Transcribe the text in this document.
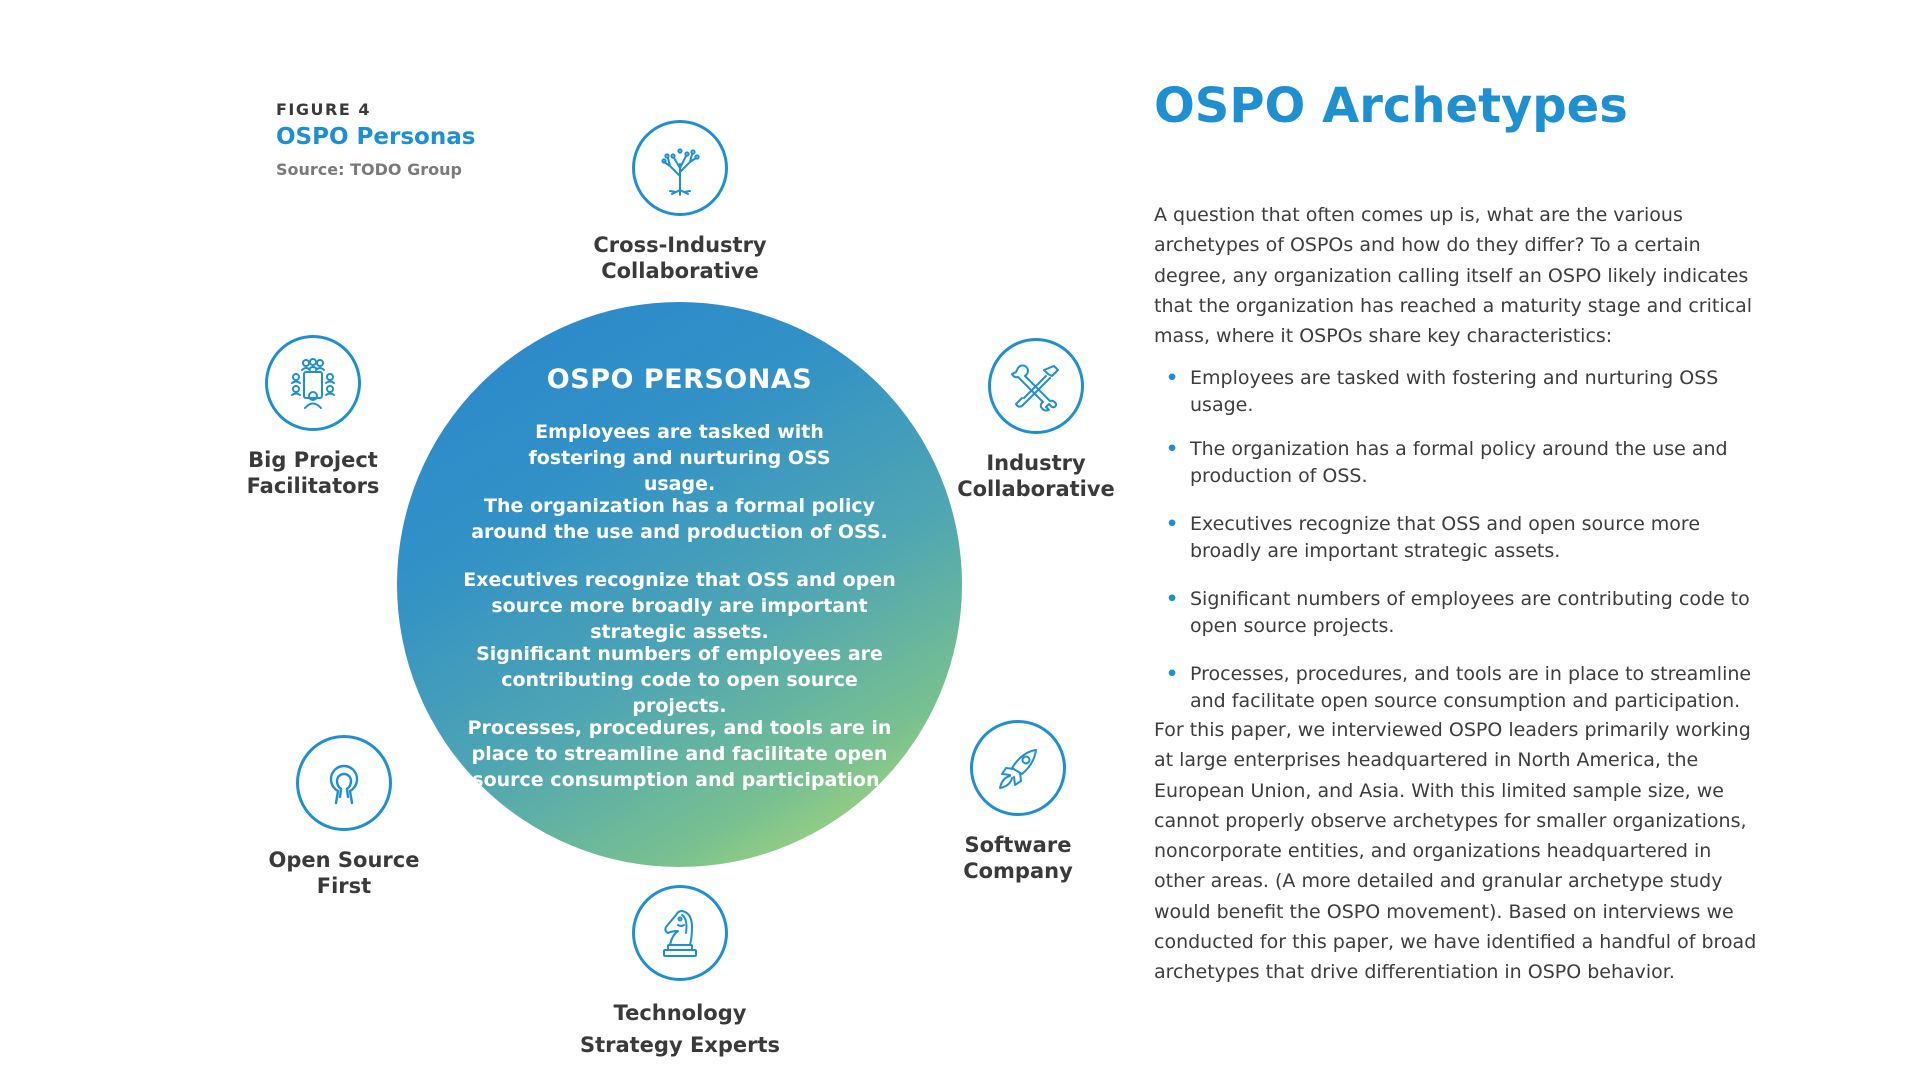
FIGURE 4
OSPO Personas
Source: TODO Group
OSPO PERSONAS
Employees are tasked with fostering and nurturing OSS usage.
The organization has a formal policy around the use and production of OSS.
Executives recognize that OSS and open source more broadly are important strategic assets.
Significant numbers of employees are contributing code to open source projects.
Processes, procedures, and tools are in place to streamline and facilitate open source consumption and participation.
Cross-Industry
Collaborative
Big Project
Facilitators
Industry
Collaborative
Open Source
First
Software
Company
Technology
Strategy Experts
OSPO Archetypes
A question that often comes up is, what are the various archetypes of OSPOs and how do they differ? To a certain degree, any organization calling itself an OSPO likely indicates that the organization has reached a maturity stage and critical mass, where it OSPOs share key characteristics:
• Employees are tasked with fostering and nurturing OSS usage.
• The organization has a formal policy around the use and production of OSS.
• Executives recognize that OSS and open source more broadly are important strategic assets.
• Significant numbers of employees are contributing code to open source projects.
• Processes, procedures, and tools are in place to streamline and facilitate open source consumption and participation.
For this paper, we interviewed OSPO leaders primarily working at large enterprises headquartered in North America, the European Union, and Asia. With this limited sample size, we cannot properly observe archetypes for smaller organizations, noncorporate entities, and organizations headquartered in other areas. (A more detailed and granular archetype study would benefit the OSPO movement). Based on interviews we conducted for this paper, we have identified a handful of broad archetypes that drive differentiation in OSPO behavior.
